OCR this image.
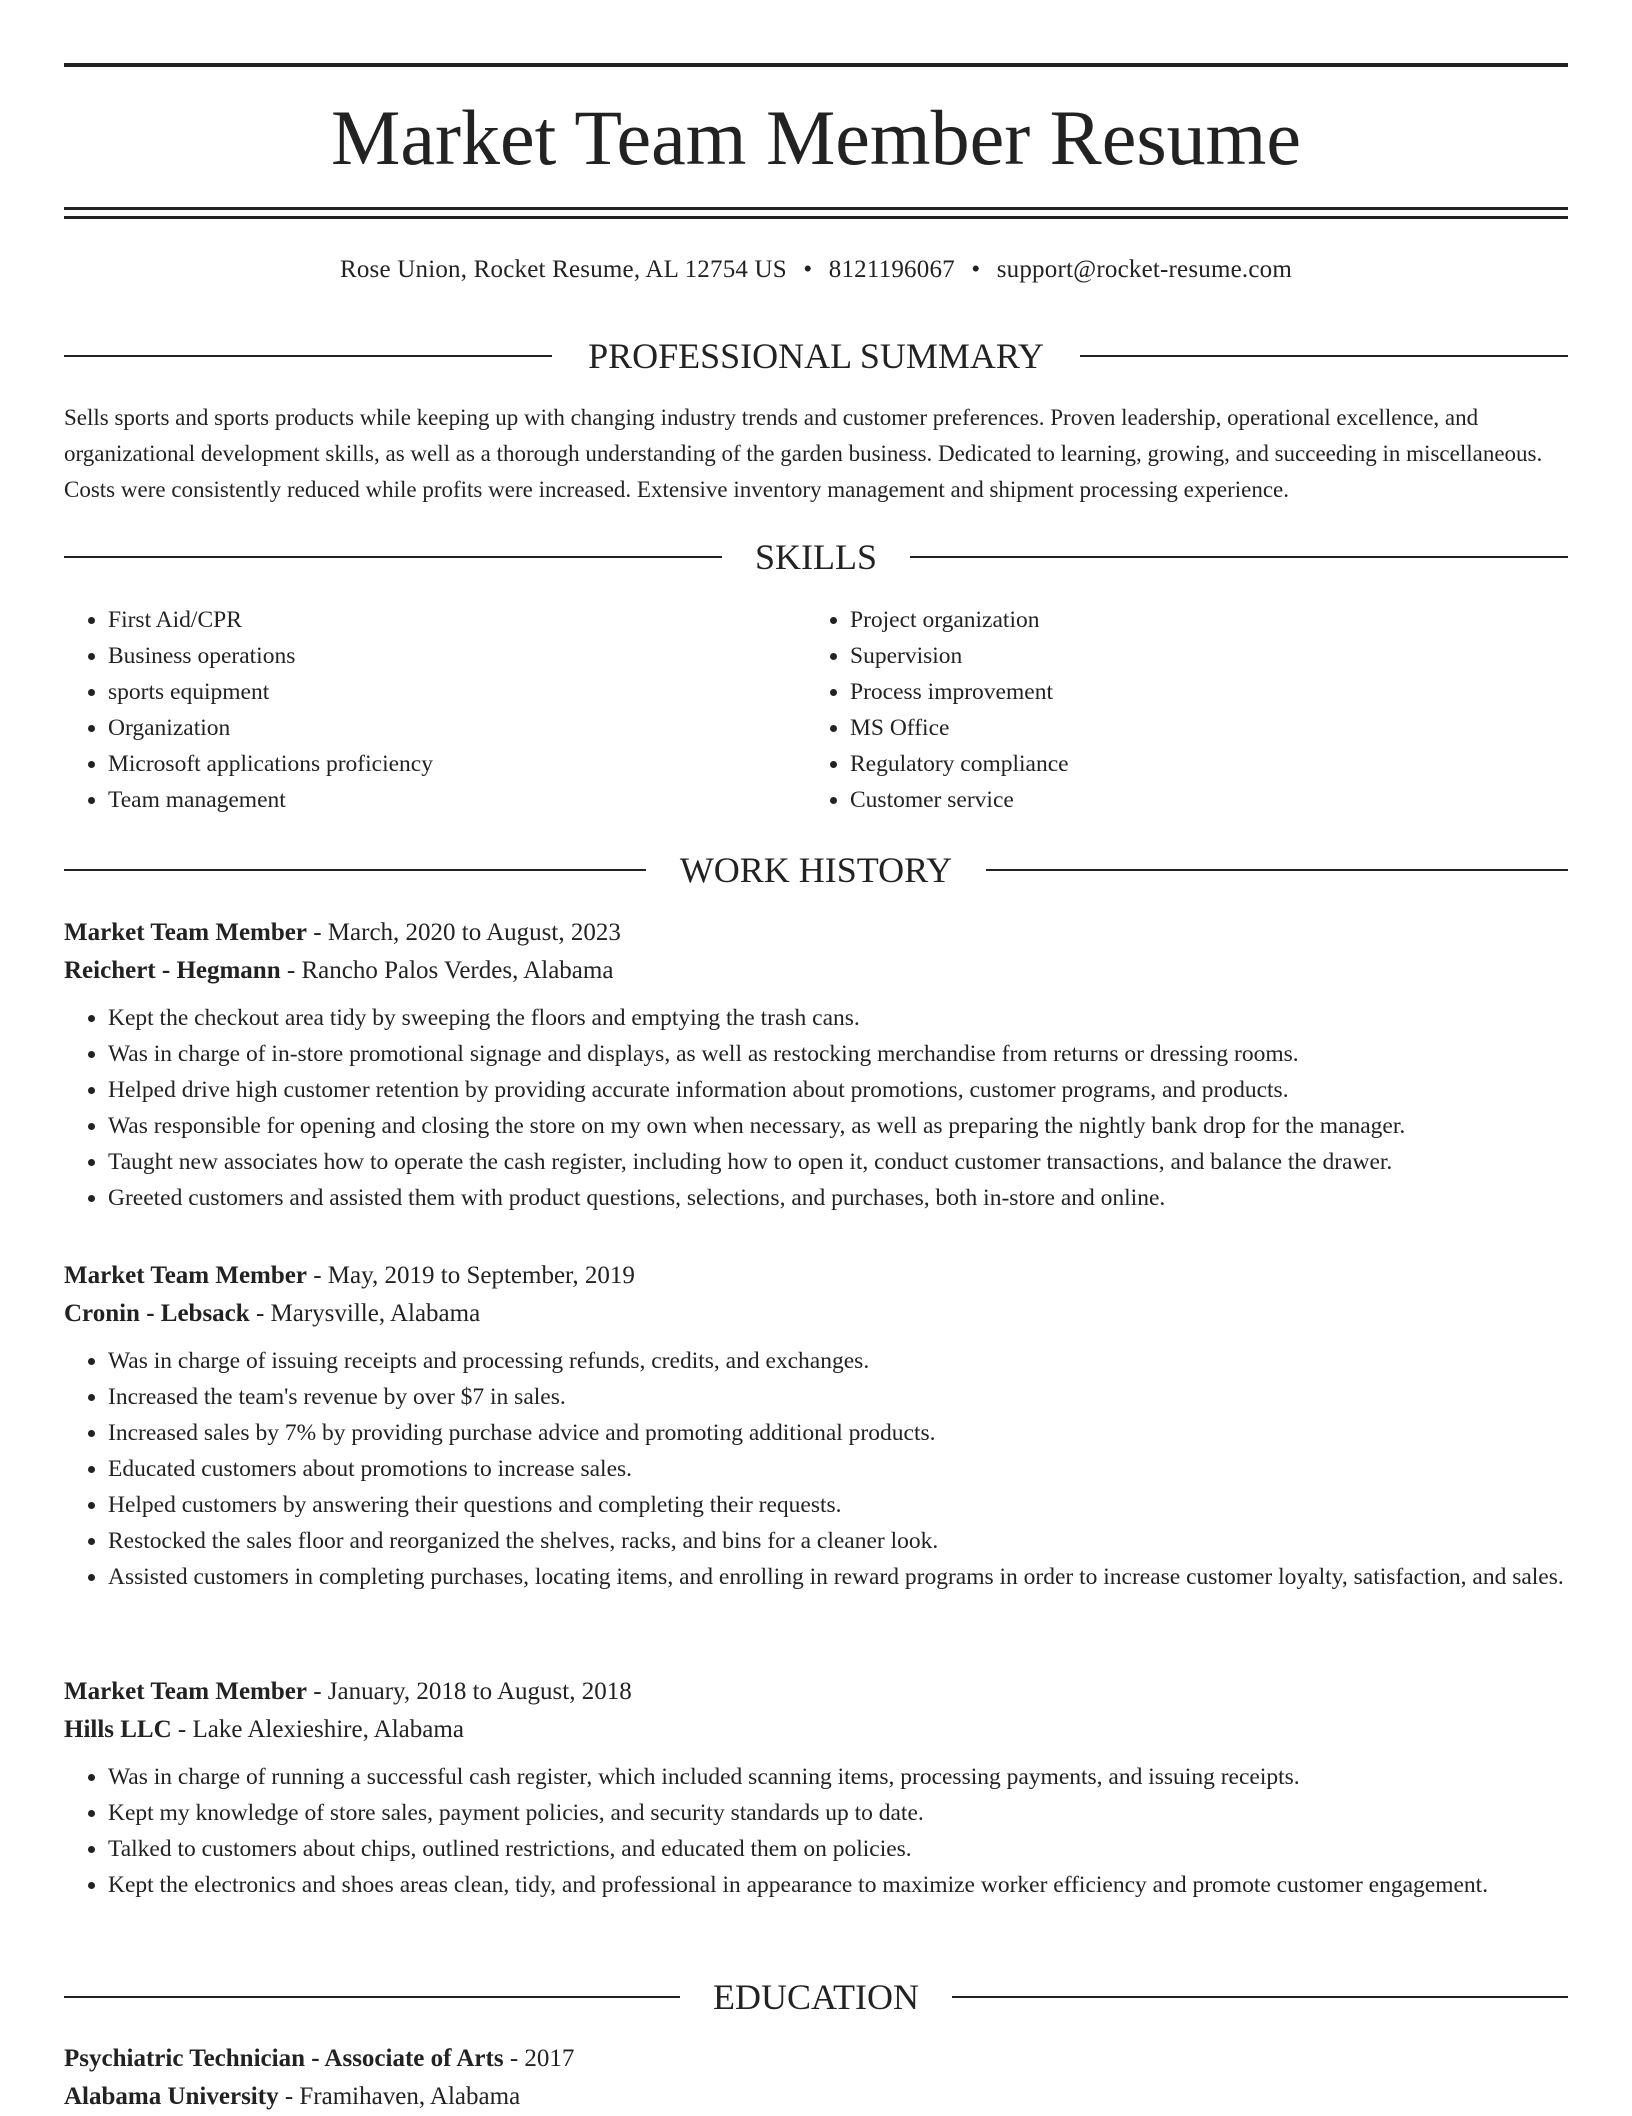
Market Team Member Resume
Rose Union, Rocket Resume, AL 12754 US • 8121196067 • support@rocket-resume.com
PROFESSIONAL SUMMARY

Sells sports and sports products while keeping up with changing industry trends and customer preferences. Proven leadership, operational excellence, and organizational development skills, as well as a thorough understanding of the garden business. Dedicated to learning, growing, and succeeding in miscellaneous. Costs were consistently reduced while profits were increased. Extensive inventory management and shipment processing experience.

SKILLS
• First Aid/CPR
• Business operations
• sports equipment
• Organization
• Microsoft applications proficiency
• Team management
• Project organization
• Supervision
• Process improvement
• MS Office
• Regulatory compliance
• Customer service
WORK HISTORY

Market Team Member - March, 2020 to August, 2023

Reichert - Hegmann - Rancho Palos Verdes, Alabama

• Kept the checkout area tidy by sweeping the floors and emptying the trash cans.
• Was in charge of in-store promotional signage and displays, as well as restocking merchandise from returns or dressing rooms.
• Helped drive high customer retention by providing accurate information about promotions, customer programs, and products.
• Was responsible for opening and closing the store on my own when necessary, as well as preparing the nightly bank drop for the manager.
• Taught new associates how to operate the cash register, including how to open it, conduct customer transactions, and balance the drawer.
• Greeted customers and assisted them with product questions, selections, and purchases, both in-store and online.

Market Team Member - May, 2019 to September, 2019

Cronin - Lebsack - Marysville, Alabama

• Was in charge of issuing receipts and processing refunds, credits, and exchanges.
• Increased the team's revenue by over $7 in sales.
• Increased sales by 7% by providing purchase advice and promoting additional products.
• Educated customers about promotions to increase sales.
• Helped customers by answering their questions and completing their requests.
• Restocked the sales floor and reorganized the shelves, racks, and bins for a cleaner look.
• Assisted customers in completing purchases, locating items, and enrolling in reward programs in order to increase customer loyalty, satisfaction, and sales.

Market Team Member - January, 2018 to August, 2018

Hills LLC - Lake Alexieshire, Alabama

• Was in charge of running a successful cash register, which included scanning items, processing payments, and issuing receipts.
• Kept my knowledge of store sales, payment policies, and security standards up to date.
• Talked to customers about chips, outlined restrictions, and educated them on policies.
• Kept the electronics and shoes areas clean, tidy, and professional in appearance to maximize worker efficiency and promote customer engagement.
EDUCATION

Psychiatric Technician - Associate of Arts - 2017

Alabama University - Framihaven, Alabama
